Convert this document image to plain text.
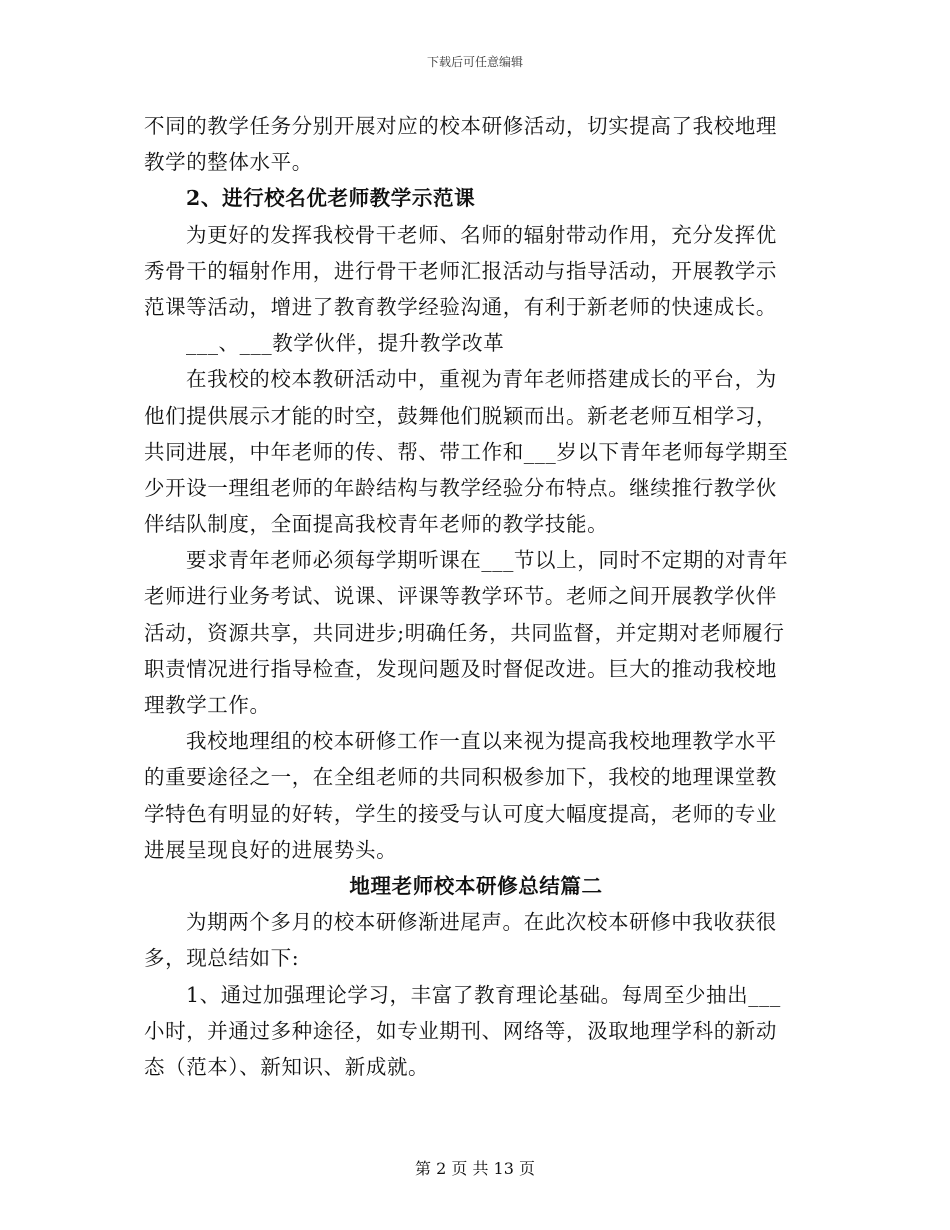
下载后可任意编辑
不同的教学任务分别开展对应的校本研修活动，切实提高了我校地理
教学的整体水平。
2、进行校名优老师教学示范课
为更好的发挥我校骨干老师、名师的辐射带动作用，充分发挥优
秀骨干的辐射作用，进行骨干老师汇报活动与指导活动，开展教学示
范课等活动，增进了教育教学经验沟通，有利于新老师的快速成长。
___、___教学伙伴，提升教学改革
在我校的校本教研活动中，重视为青年老师搭建成长的平台，为
他们提供展示才能的时空，鼓舞他们脱颖而出。新老老师互相学习，
共同进展，中年老师的传、帮、带工作和___岁以下青年老师每学期至
少开设一理组老师的年龄结构与教学经验分布特点。继续推行教学伙
伴结队制度，全面提高我校青年老师的教学技能。
要求青年老师必须每学期听课在___节以上，同时不定期的对青年
老师进行业务考试、说课、评课等教学环节。老师之间开展教学伙伴
活动，资源共享，共同进步;明确任务，共同监督，并定期对老师履行
职责情况进行指导检查，发现问题及时督促改进。巨大的推动我校地
理教学工作。
我校地理组的校本研修工作一直以来视为提高我校地理教学水平
的重要途径之一，在全组老师的共同积极参加下，我校的地理课堂教
学特色有明显的好转，学生的接受与认可度大幅度提高，老师的专业
进展呈现良好的进展势头。
地理老师校本研修总结篇二
为期两个多月的校本研修渐进尾声。在此次校本研修中我收获很
多，现总结如下:
1、通过加强理论学习，丰富了教育理论基础。每周至少抽出___
小时，并通过多种途径，如专业期刊、网络等，汲取地理学科的新动
态（范本）、新知识、新成就。
第 2 页 共 13 页
